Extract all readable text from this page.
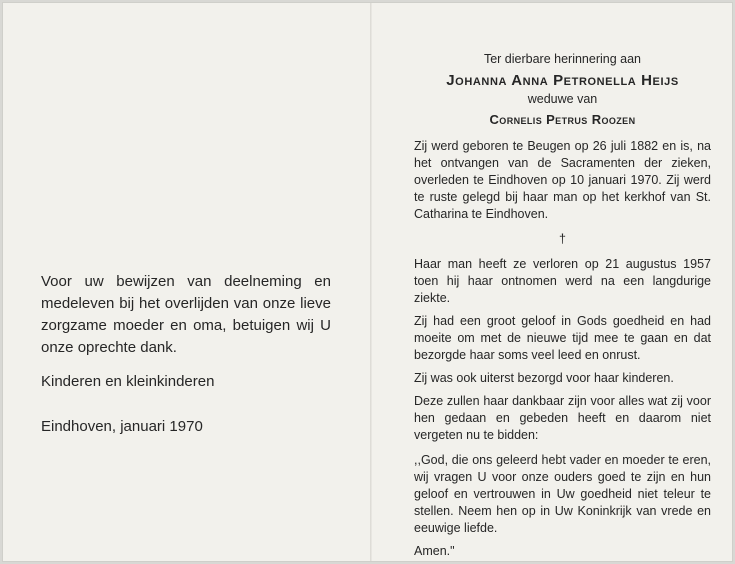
Voor uw bewijzen van deelneming en medeleven bij het overlijden van onze lieve zorgzame moeder en oma, betuigen wij U onze oprechte dank.

Kinderen en kleinkinderen

Eindhoven, januari 1970

Ter dierbare herinnering aan

Johanna Anna Petronella Heijs

weduwe van

Cornelis Petrus Roozen

Zij werd geboren te Beugen op 26 juli 1882 en is, na het ontvangen van de Sacramenten der zieken, overleden te Eindhoven op 10 januari 1970. Zij werd te ruste gelegd bij haar man op het kerkhof van St. Catharina te Eindhoven.

†

Haar man heeft ze verloren op 21 augustus 1957 toen hij haar ontnomen werd na een langdurige ziekte.

Zij had een groot geloof in Gods goedheid en had moeite om met de nieuwe tijd mee te gaan en dat bezorgde haar soms veel leed en onrust.

Zij was ook uiterst bezorgd voor haar kinderen.

Deze zullen haar dankbaar zijn voor alles wat zij voor hen gedaan en gebeden heeft en daarom niet vergeten nu te bidden:

,,God, die ons geleerd hebt vader en moeder te eren, wij vragen U voor onze ouders goed te zijn en hun geloof en vertrouwen in Uw goedheid niet teleur te stellen. Neem hen op in Uw Koninkrijk van vrede en eeuwige liefde.

Amen."
